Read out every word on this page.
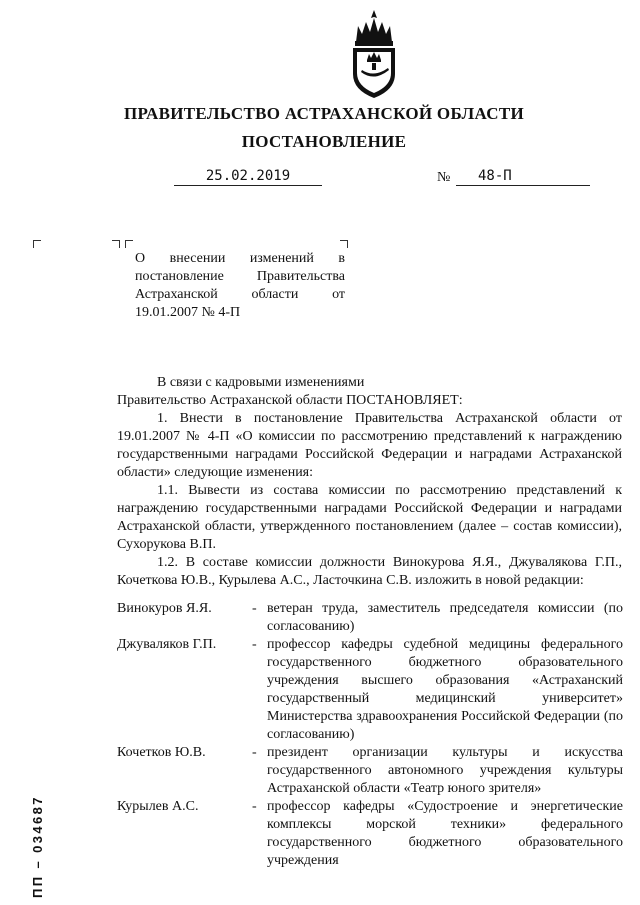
ПРАВИТЕЛЬСТВО АСТРАХАНСКОЙ ОБЛАСТИ
ПОСТАНОВЛЕНИЕ
25.02.2019	№	48-П
О внесении изменений в постановление Правительства Астраханской области от 19.01.2007 № 4-П

В связи с кадровыми изменениями

Правительство Астраханской области ПОСТАНОВЛЯЕТ:

1. Внести в постановление Правительства Астраханской области от 19.01.2007 № 4-П «О комиссии по рассмотрению представлений к награждению государственными наградами Российской Федерации и наградами Астраханской области» следующие изменения:

1.1. Вывести из состава комиссии по рассмотрению представлений к награждению государственными наградами Российской Федерации и наградами Астраханской области, утвержденного постановлением (далее – состав комиссии), Сухорукова В.П.

1.2. В составе комиссии должности Винокурова Я.Я., Джувалякова Г.П., Кочеткова Ю.В., Курылева А.С., Ласточкина С.В. изложить в новой редакции:

Винокуров Я.Я.	- ветеран труда, заместитель председателя комиссии (по согласованию)
Джуваляков Г.П.	- профессор кафедры судебной медицины федерального государственного бюджетного образовательного учреждения высшего образования «Астраханский государственный медицинский университет» Министерства здравоохранения Российской Федерации (по согласованию)
Кочетков Ю.В.	- президент организации культуры и искусства государственного автономного учреждения культуры Астраханской области «Театр юного зрителя»
Курылев А.С.	- профессор кафедры «Судостроение и энергетические комплексы морской техники» федерального государственного бюджетного образовательного учреждения
ПП – 034687
